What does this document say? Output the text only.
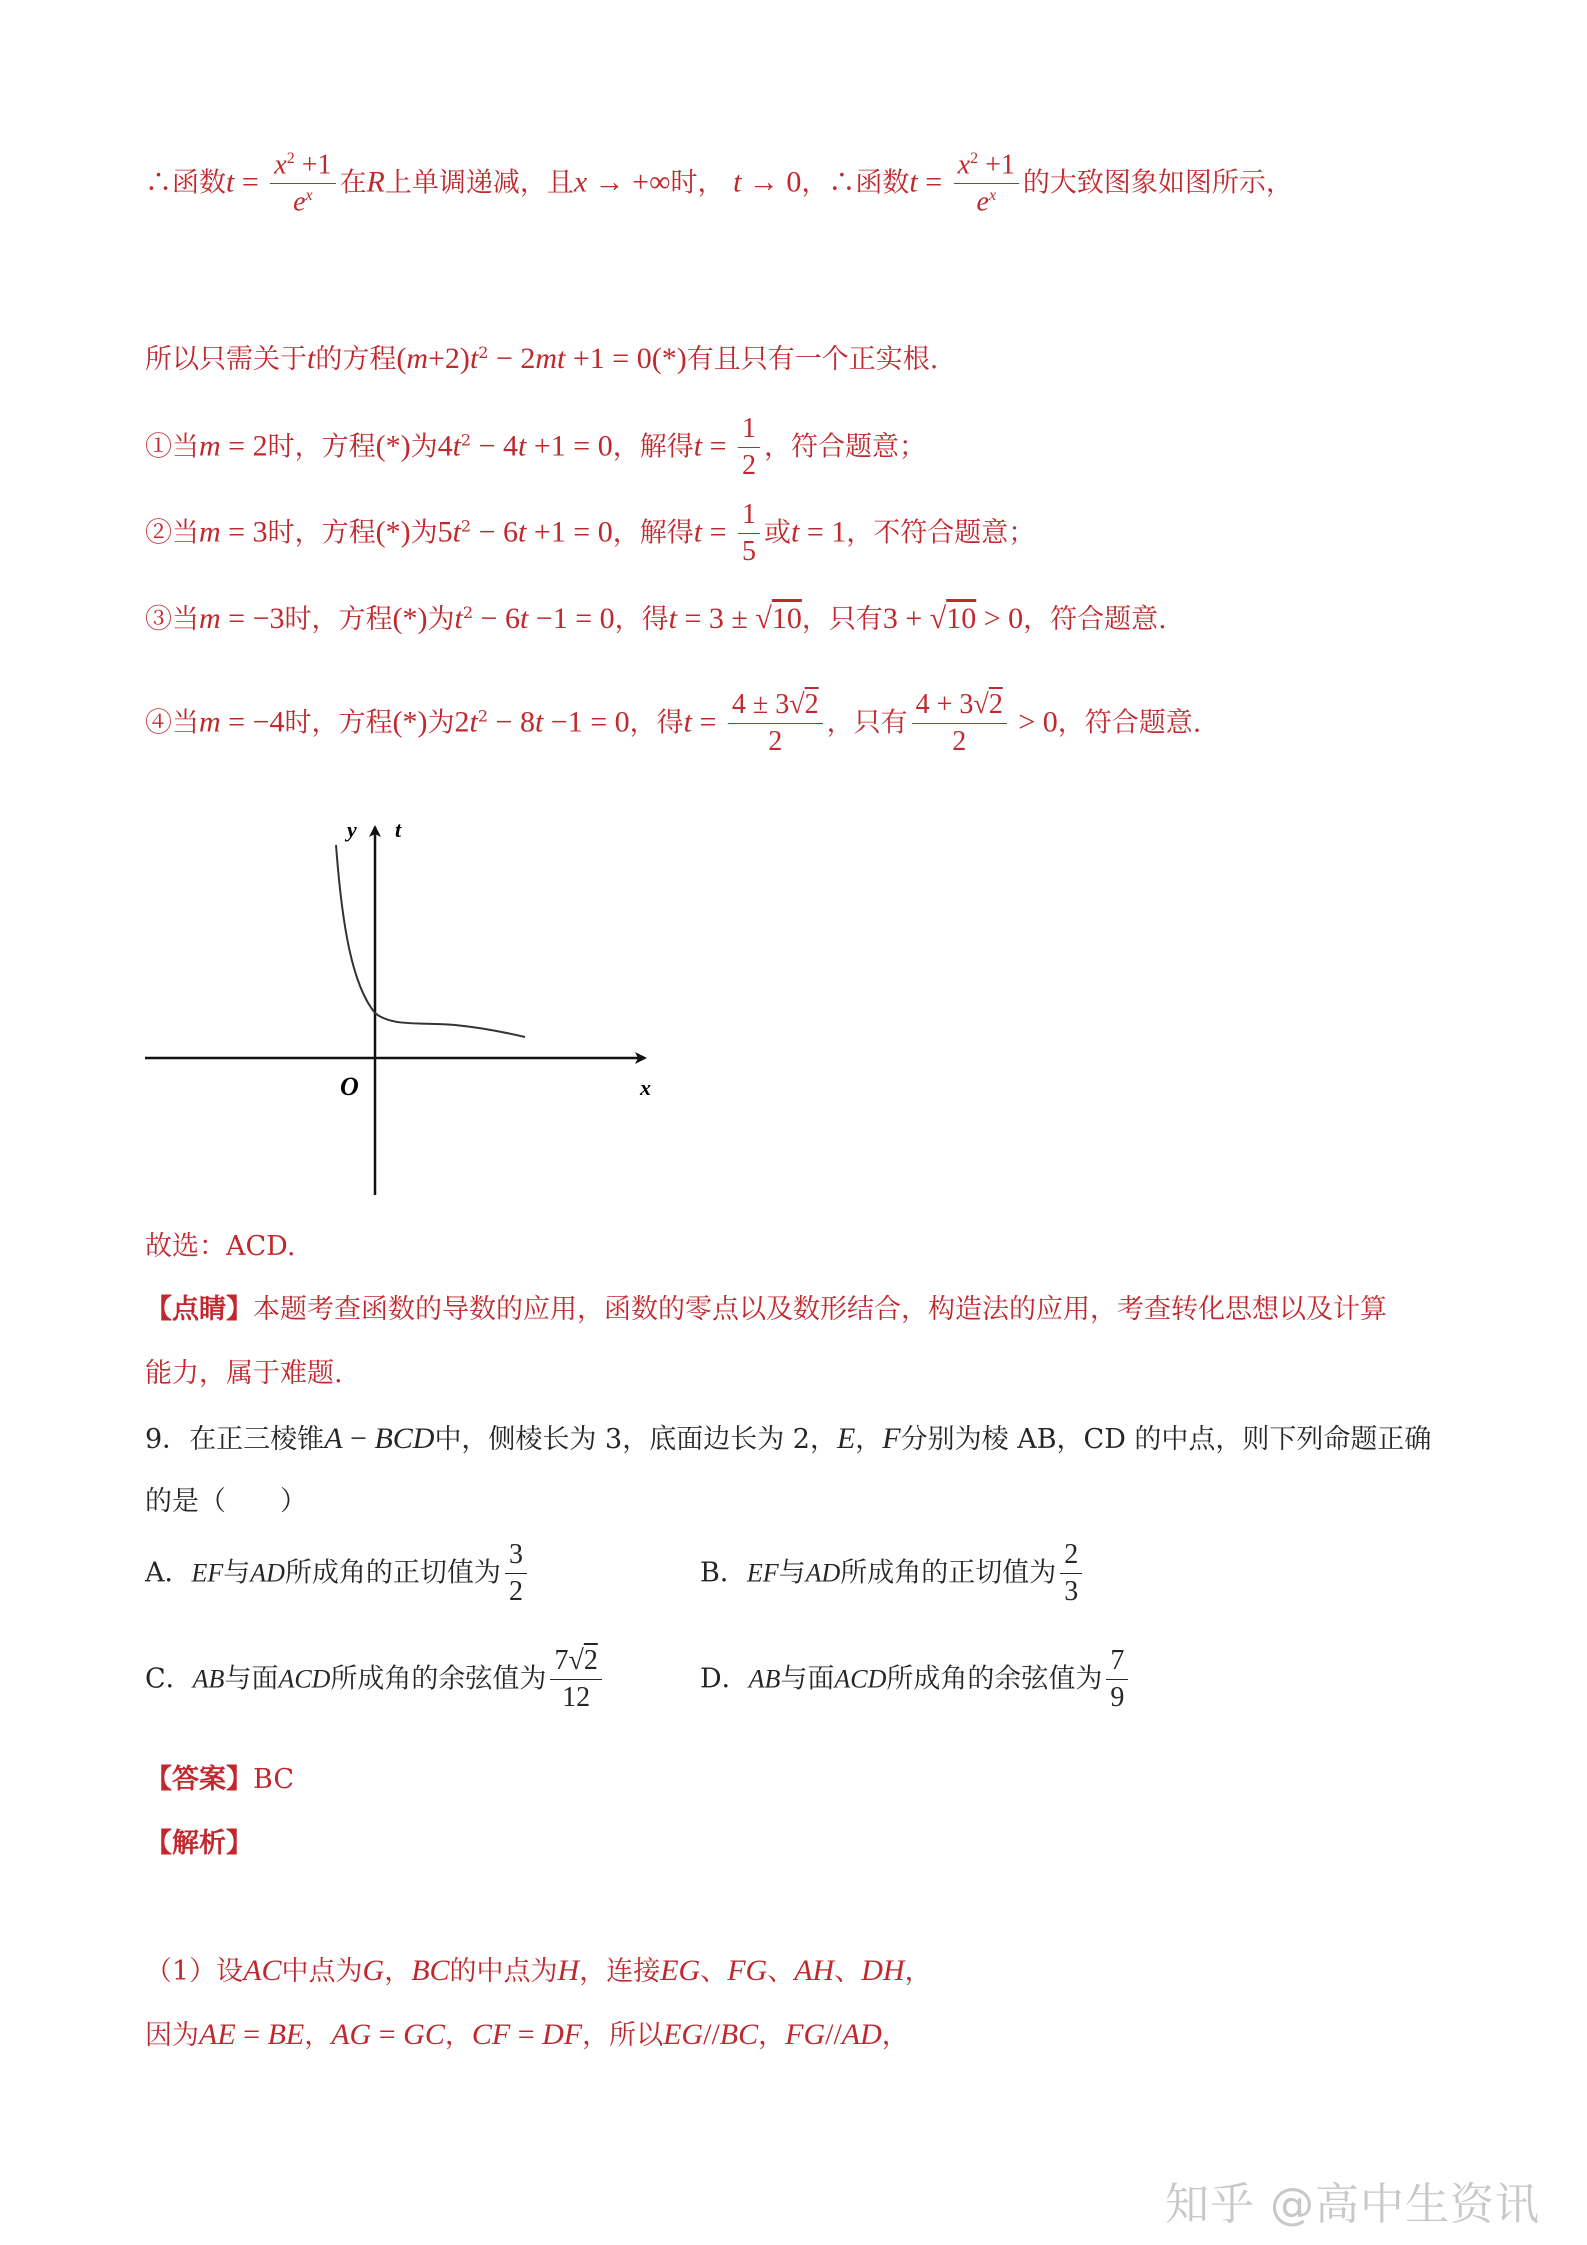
∴函数$t = \frac{x^2 +1}{e^x}$ 在R上单调递减，且x → +∞时， t → 0，∴函数$t = \frac{x^2 +1}{e^x}$ 的大致图象如图所示，
所以只需关于t的方程$(m+2)t^2 - 2mt +1 = 0(*)$有且只有一个正实根.
①当m = 2时，方程(*)为$4t^2 - 4t +1 = 0$，解得$t = \frac{1}{2}$ ，符合题意；
②当m = 3时，方程(*)为$5t^2 - 6t +1 = 0$，解得$t = \frac{1}{5}$ 或t = 1，不符合题意；
③当m = −3时，方程(*)为$t^2 - 6t -1 = 0$，得t = 3 ± √10，只有3 + √10 > 0，符合题意.
④当m = −4时，方程(*)为$2t^2 - 8t -1 = 0$，得$t = \frac{4 \pm 3√2}{2}$ ，只有 $\frac{4 + 3√2}{2} > 0$，符合题意.
y t
O	x
故选：ACD.
【点睛】本题考查函数的导数的应用，函数的零点以及数形结合，构造法的应用，考查转化思想以及计算
能力，属于难题.
9．在正三棱锥A − BCD中，侧棱长为 3，底面边长为 2，E，F分别为棱 AB，CD 的中点，则下列命题正确
的是（　　）
A．EF与AD所成角的正切值为 $\frac{3}{2}$	B．EF与AD所成角的正切值为 $\frac{2}{3}$
C．AB与面ACD所成角的余弦值为 $\frac{7√2}{12}$	D．AB与面ACD所成角的余弦值为 $\frac{7}{9}$
【答案】BC
【解析】
（1）设AC中点为G，BC的中点为H，连接EG、FG、AH、DH，
因为AE = BE，AG = GC，CF = DF，所以EG//BC，FG//AD，
知乎 @高中生资讯
